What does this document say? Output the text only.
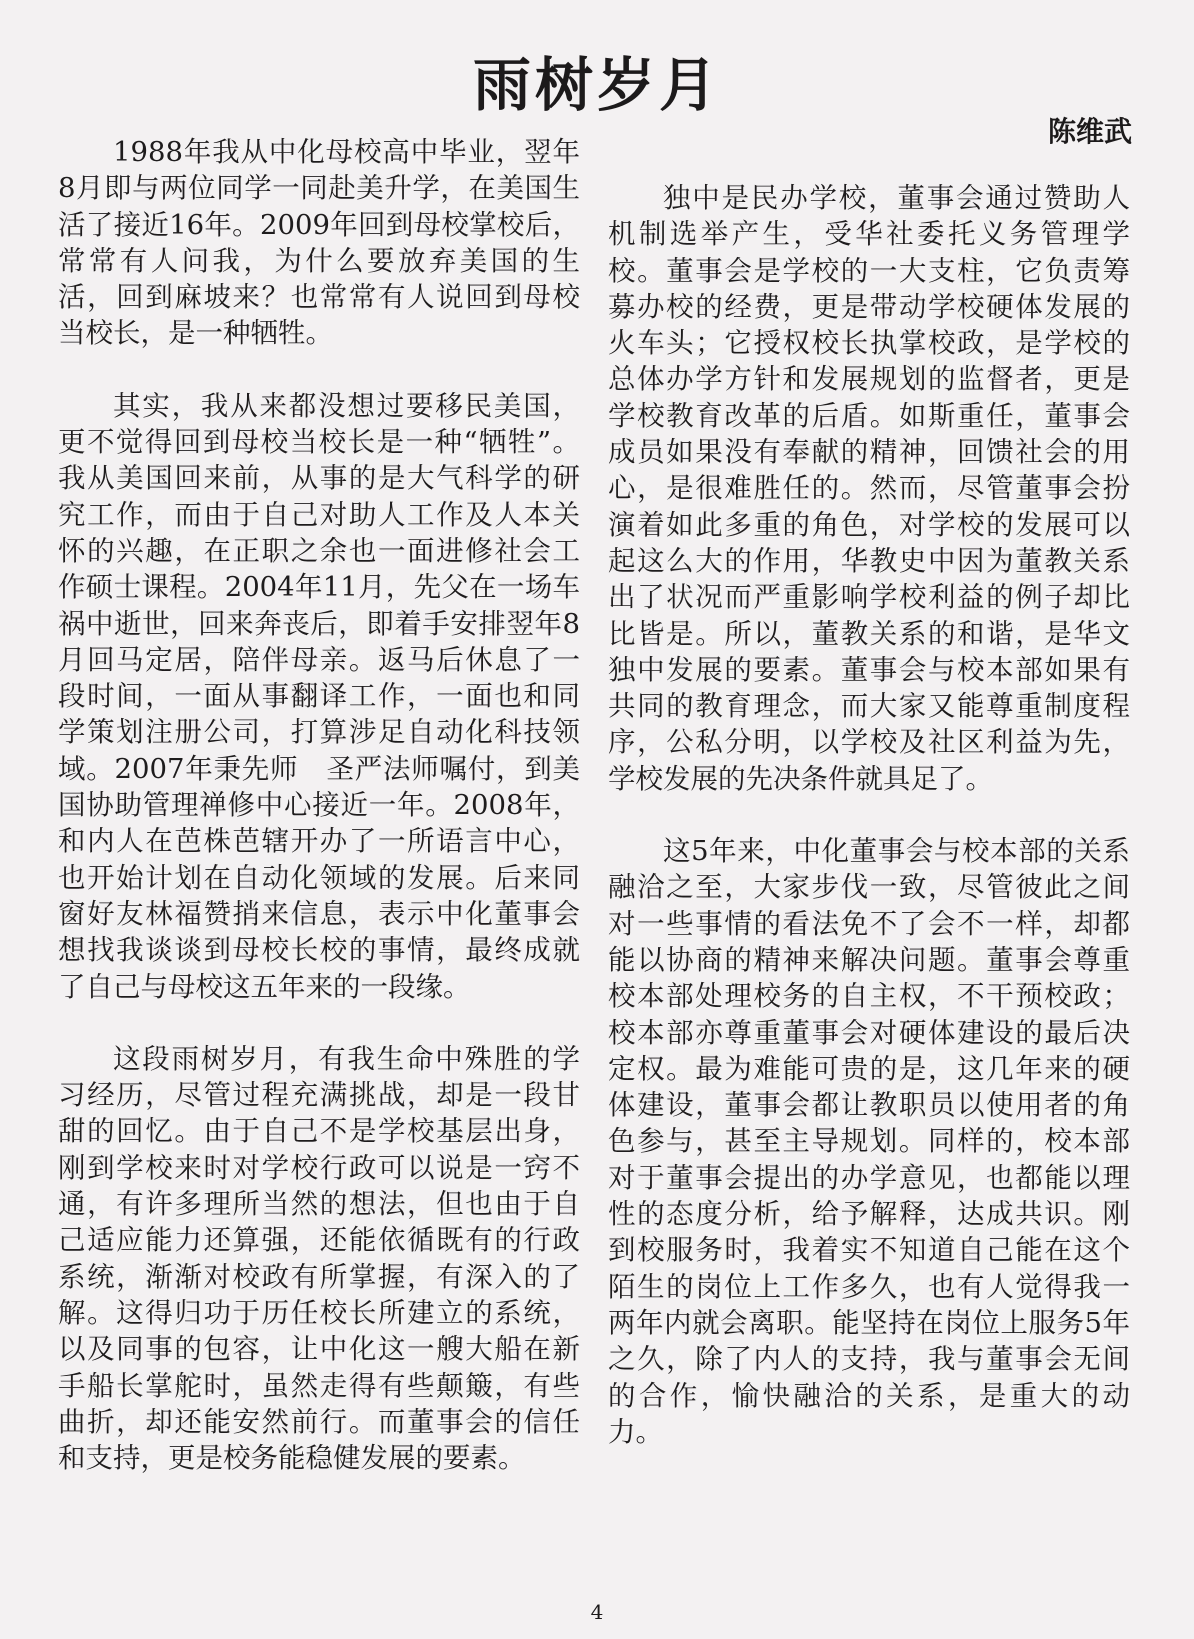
雨树岁月
陈维武

1988年我从中化母校高中毕业，翌年8月即与两位同学一同赴美升学，在美国生活了接近16年。2009年回到母校掌校后，常常有人问我，为什么要放弃美国的生活，回到麻坡来？也常常有人说回到母校当校长，是一种牺牲。

其实，我从来都没想过要移民美国，更不觉得回到母校当校长是一种“牺牲”。我从美国回来前，从事的是大气科学的研究工作，而由于自己对助人工作及人本关怀的兴趣，在正职之余也一面进修社会工作硕士课程。2004年11月，先父在一场车祸中逝世，回来奔丧后，即着手安排翌年8月回马定居，陪伴母亲。返马后休息了一段时间，一面从事翻译工作，一面也和同学策划注册公司，打算涉足自动化科技领域。2007年秉先师　圣严法师嘱付，到美国协助管理禅修中心接近一年。2008年，和内人在芭株芭辖开办了一所语言中心，也开始计划在自动化领域的发展。后来同窗好友林福赞捎来信息，表示中化董事会想找我谈谈到母校长校的事情，最终成就了自己与母校这五年来的一段缘。

这段雨树岁月，有我生命中殊胜的学习经历，尽管过程充满挑战，却是一段甘甜的回忆。由于自己不是学校基层出身，刚到学校来时对学校行政可以说是一窍不通，有许多理所当然的想法，但也由于自己适应能力还算强，还能依循既有的行政系统，渐渐对校政有所掌握，有深入的了解。这得归功于历任校长所建立的系统，以及同事的包容，让中化这一艘大船在新手船长掌舵时，虽然走得有些颠簸，有些曲折，却还能安然前行。而董事会的信任和支持，更是校务能稳健发展的要素。

独中是民办学校，董事会通过赞助人机制选举产生，受华社委托义务管理学校。董事会是学校的一大支柱，它负责筹募办校的经费，更是带动学校硬体发展的火车头；它授权校长执掌校政，是学校的总体办学方针和发展规划的监督者，更是学校教育改革的后盾。如斯重任，董事会成员如果没有奉献的精神，回馈社会的用心，是很难胜任的。然而，尽管董事会扮演着如此多重的角色，对学校的发展可以起这么大的作用，华教史中因为董教关系出了状况而严重影响学校利益的例子却比比皆是。所以，董教关系的和谐，是华文独中发展的要素。董事会与校本部如果有共同的教育理念，而大家又能尊重制度程序，公私分明，以学校及社区利益为先，学校发展的先决条件就具足了。

这5年来，中化董事会与校本部的关系融洽之至，大家步伐一致，尽管彼此之间对一些事情的看法免不了会不一样，却都能以协商的精神来解决问题。董事会尊重校本部处理校务的自主权，不干预校政；校本部亦尊重董事会对硬体建设的最后决定权。最为难能可贵的是，这几年来的硬体建设，董事会都让教职员以使用者的角色参与，甚至主导规划。同样的，校本部对于董事会提出的办学意见，也都能以理性的态度分析，给予解释，达成共识。刚到校服务时，我着实不知道自己能在这个陌生的岗位上工作多久，也有人觉得我一两年内就会离职。能坚持在岗位上服务5年之久，除了内人的支持，我与董事会无间的合作，愉快融洽的关系，是重大的动力。

4
